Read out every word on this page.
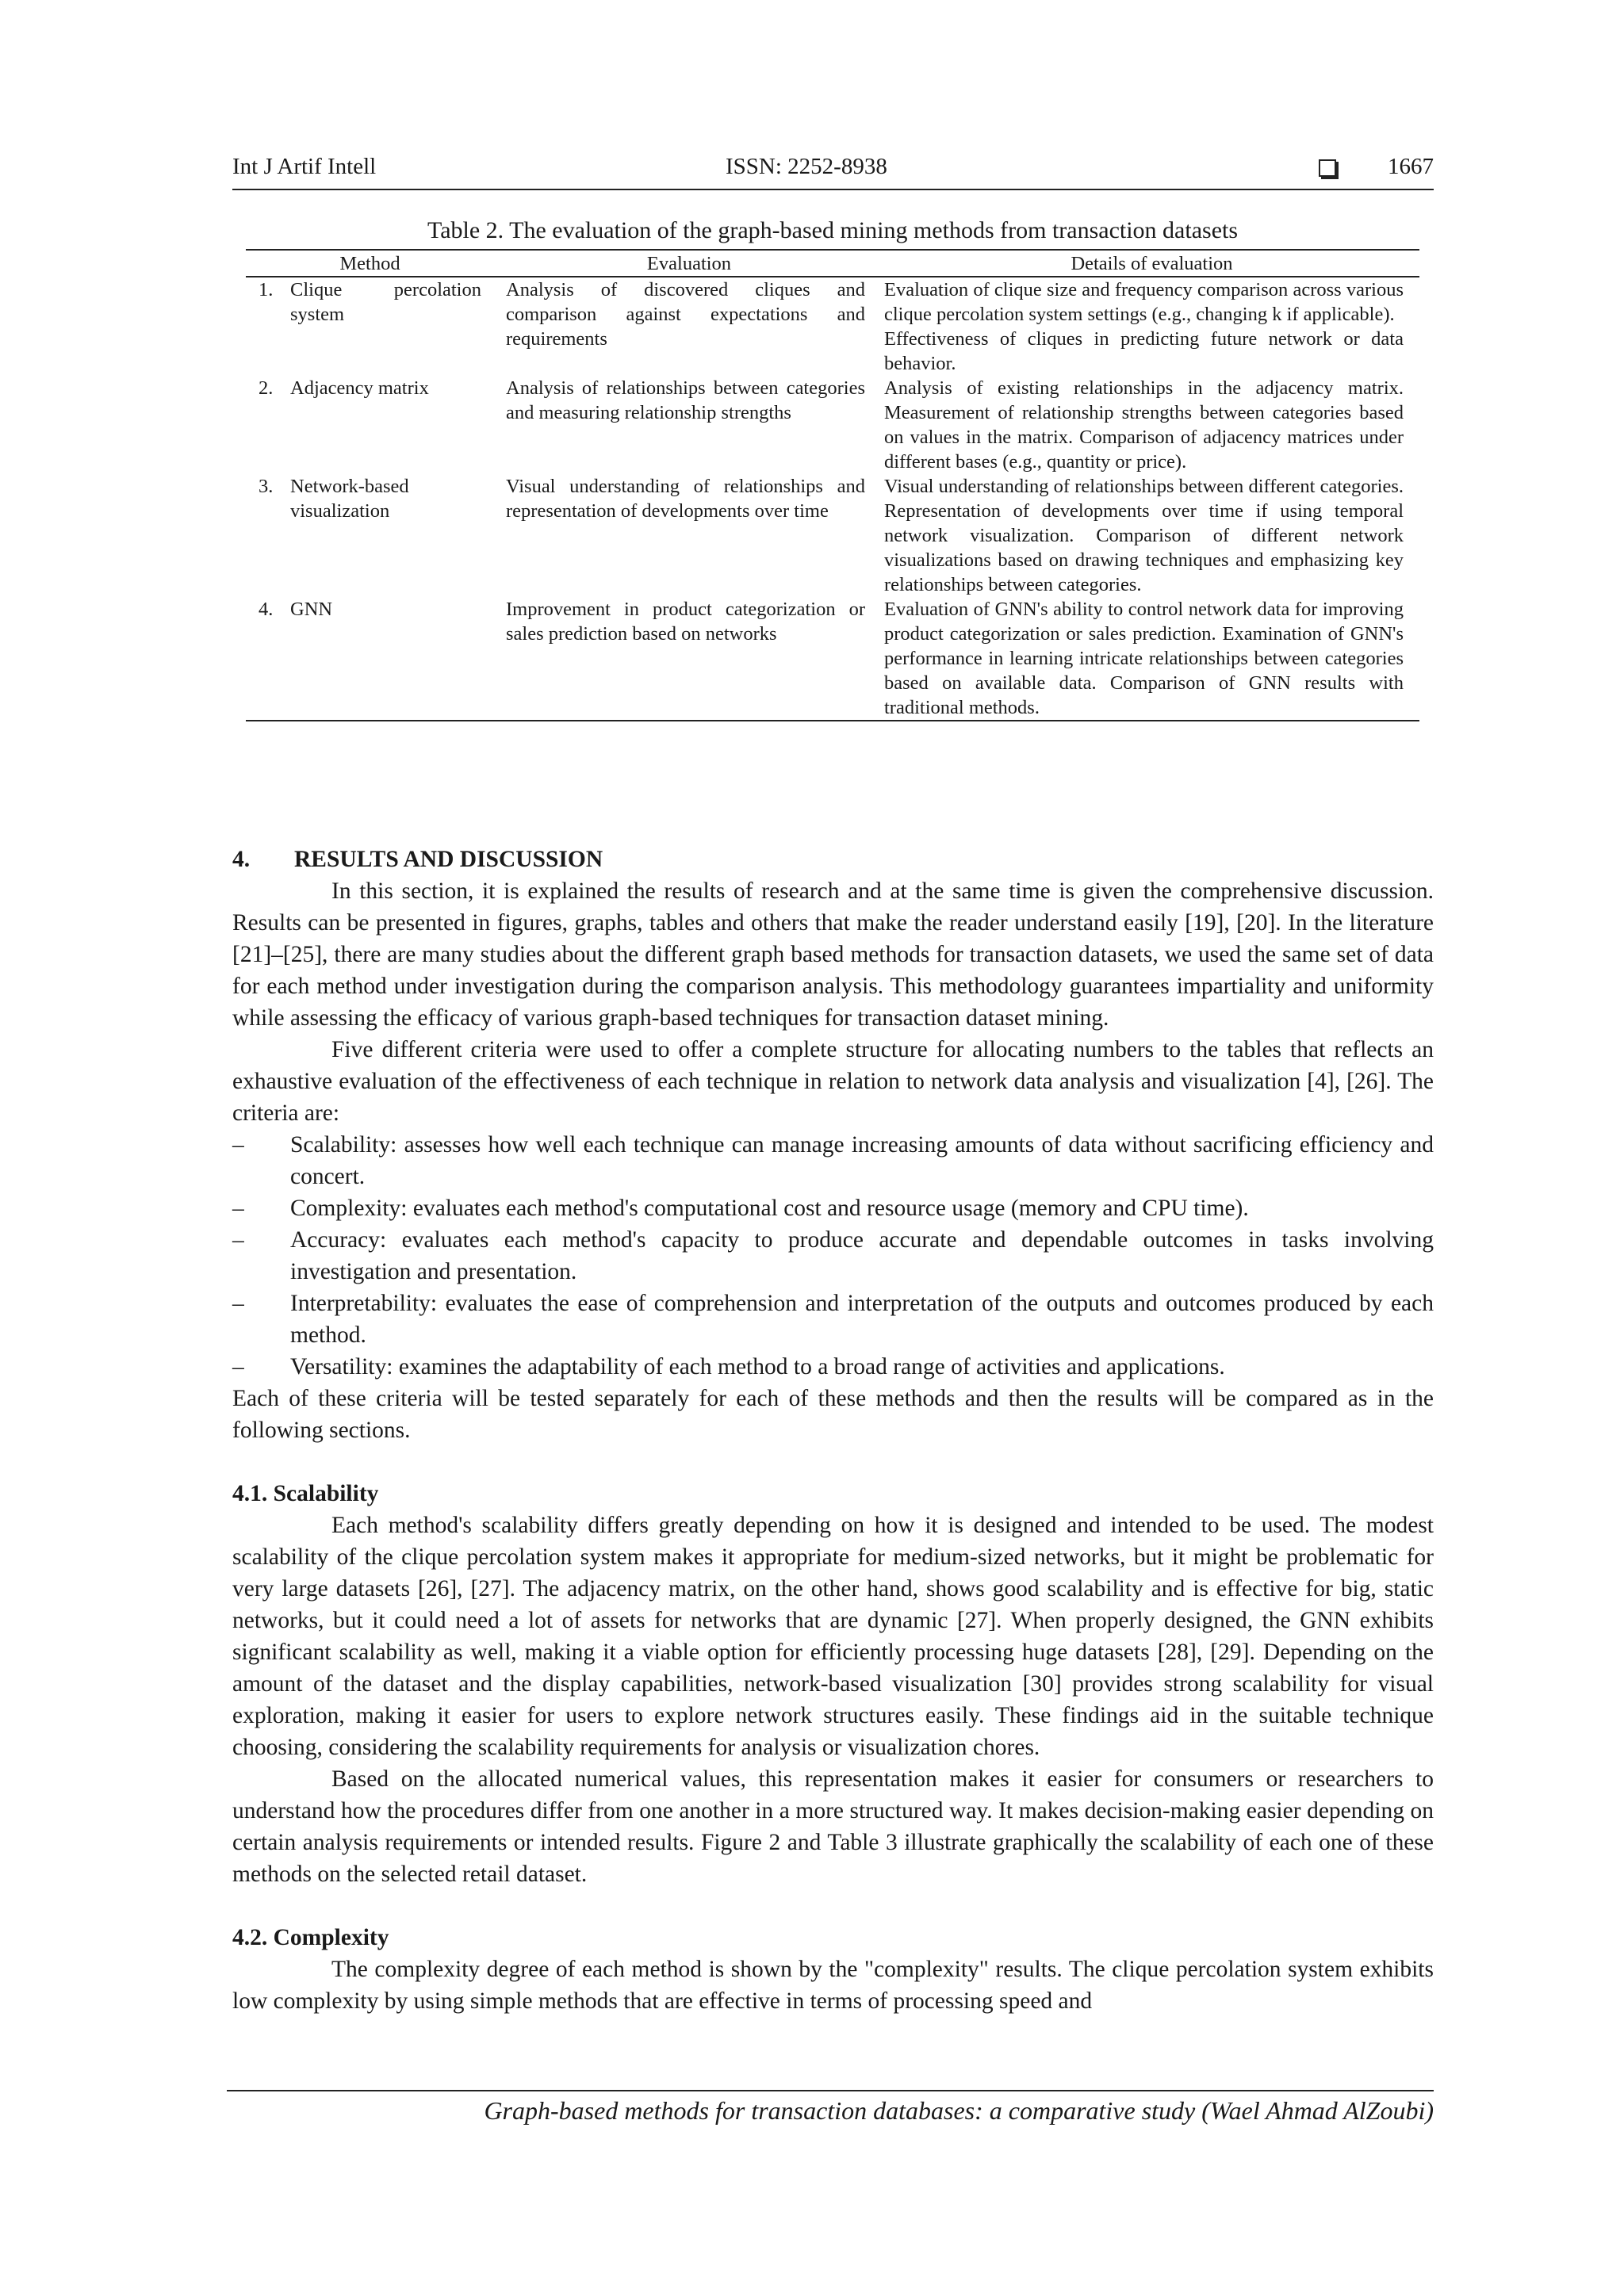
Int J Artif Intell	ISSN: 2252-8938	1667
Table 2. The evaluation of the graph-based mining methods from transaction datasets
Method	Evaluation	Details of evaluation

1. Clique percolation system	Analysis of discovered cliques and comparison against expectations and requirements	Evaluation of clique size and frequency comparison across various clique percolation system settings (e.g., changing k if applicable).
Effectiveness of cliques in predicting future network or data behavior.

2. Adjacency matrix	Analysis of relationships between categories and measuring relationship strengths	Analysis of existing relationships in the adjacency matrix. Measurement of relationship strengths between categories based on values in the matrix. Comparison of adjacency matrices under different bases (e.g., quantity or price).

3. Network-based visualization	Visual understanding of relationships and representation of developments over time	Visual understanding of relationships between different categories. Representation of developments over time if using temporal network visualization. Comparison of different network visualizations based on drawing techniques and emphasizing key relationships between categories.

4. GNN	Improvement in product categorization or sales prediction based on networks	Evaluation of GNN's ability to control network data for improving product categorization or sales prediction. Examination of GNN's performance in learning intricate relationships between categories based on available data. Comparison of GNN results with traditional methods.
4.	RESULTS AND DISCUSSION

In this section, it is explained the results of research and at the same time is given the comprehensive discussion. Results can be presented in figures, graphs, tables and others that make the reader understand easily [19], [20]. In the literature [21]–[25], there are many studies about the different graph based methods for transaction datasets, we used the same set of data for each method under investigation during the comparison analysis. This methodology guarantees impartiality and uniformity while assessing the efficacy of various graph-based techniques for transaction dataset mining.

Five different criteria were used to offer a complete structure for allocating numbers to the tables that reflects an exhaustive evaluation of the effectiveness of each technique in relation to network data analysis and visualization [4], [26]. The criteria are:

–	Scalability: assesses how well each technique can manage increasing amounts of data without sacrificing efficiency and concert.
–	Complexity: evaluates each method's computational cost and resource usage (memory and CPU time).
–	Accuracy: evaluates each method's capacity to produce accurate and dependable outcomes in tasks involving investigation and presentation.
–	Interpretability: evaluates the ease of comprehension and interpretation of the outputs and outcomes produced by each method.
–	Versatility: examines the adaptability of each method to a broad range of activities and applications.

Each of these criteria will be tested separately for each of these methods and then the results will be compared as in the following sections.

4.1. Scalability

Each method's scalability differs greatly depending on how it is designed and intended to be used. The modest scalability of the clique percolation system makes it appropriate for medium-sized networks, but it might be problematic for very large datasets [26], [27]. The adjacency matrix, on the other hand, shows good scalability and is effective for big, static networks, but it could need a lot of assets for networks that are dynamic [27]. When properly designed, the GNN exhibits significant scalability as well, making it a viable option for efficiently processing huge datasets [28], [29]. Depending on the amount of the dataset and the display capabilities, network-based visualization [30] provides strong scalability for visual exploration, making it easier for users to explore network structures easily. These findings aid in the suitable technique choosing, considering the scalability requirements for analysis or visualization chores.

Based on the allocated numerical values, this representation makes it easier for consumers or researchers to understand how the procedures differ from one another in a more structured way. It makes decision-making easier depending on certain analysis requirements or intended results. Figure 2 and Table 3 illustrate graphically the scalability of each one of these methods on the selected retail dataset.

4.2. Complexity

The complexity degree of each method is shown by the "complexity" results. The clique percolation system exhibits low complexity by using simple methods that are effective in terms of processing speed and

Graph-based methods for transaction databases: a comparative study (Wael Ahmad AlZoubi)
